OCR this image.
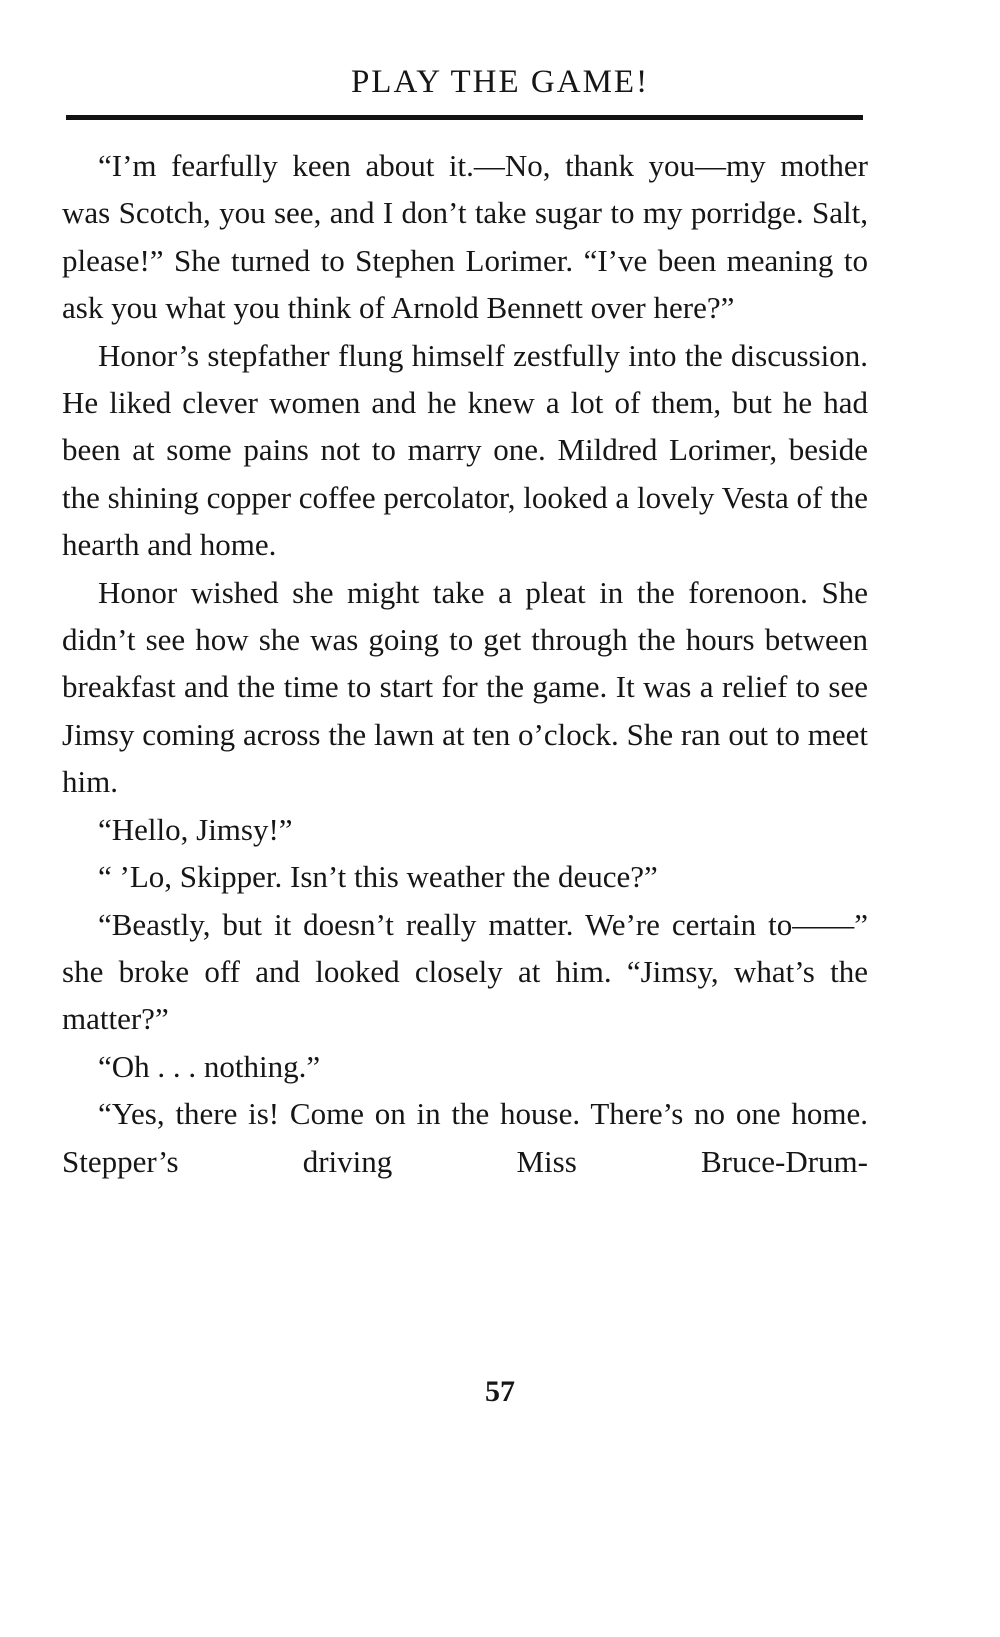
PLAY THE GAME!

“I’m fearfully keen about it.—No, thank you—my mother was Scotch, you see, and I don’t take sugar to my porridge. Salt, please!” She turned to Stephen Lorimer. “I’ve been meaning to ask you what you think of Arnold Bennett over here?”

Honor’s stepfather flung himself zestfully into the discussion. He liked clever women and he knew a lot of them, but he had been at some pains not to marry one. Mildred Lorimer, beside the shining copper coffee percolator, looked a lovely Vesta of the hearth and home.

Honor wished she might take a pleat in the forenoon. She didn’t see how she was going to get through the hours between breakfast and the time to start for the game. It was a relief to see Jimsy coming across the lawn at ten o’clock. She ran out to meet him.

“Hello, Jimsy!”

“ ’Lo, Skipper. Isn’t this weather the deuce?”

“Beastly, but it doesn’t really matter. We’re certain to——” she broke off and looked closely at him. “Jimsy, what’s the matter?”

“Oh . . . nothing.”

“Yes, there is! Come on in the house. There’s no one home. Stepper’s driving Miss Bruce-Drum-

57
